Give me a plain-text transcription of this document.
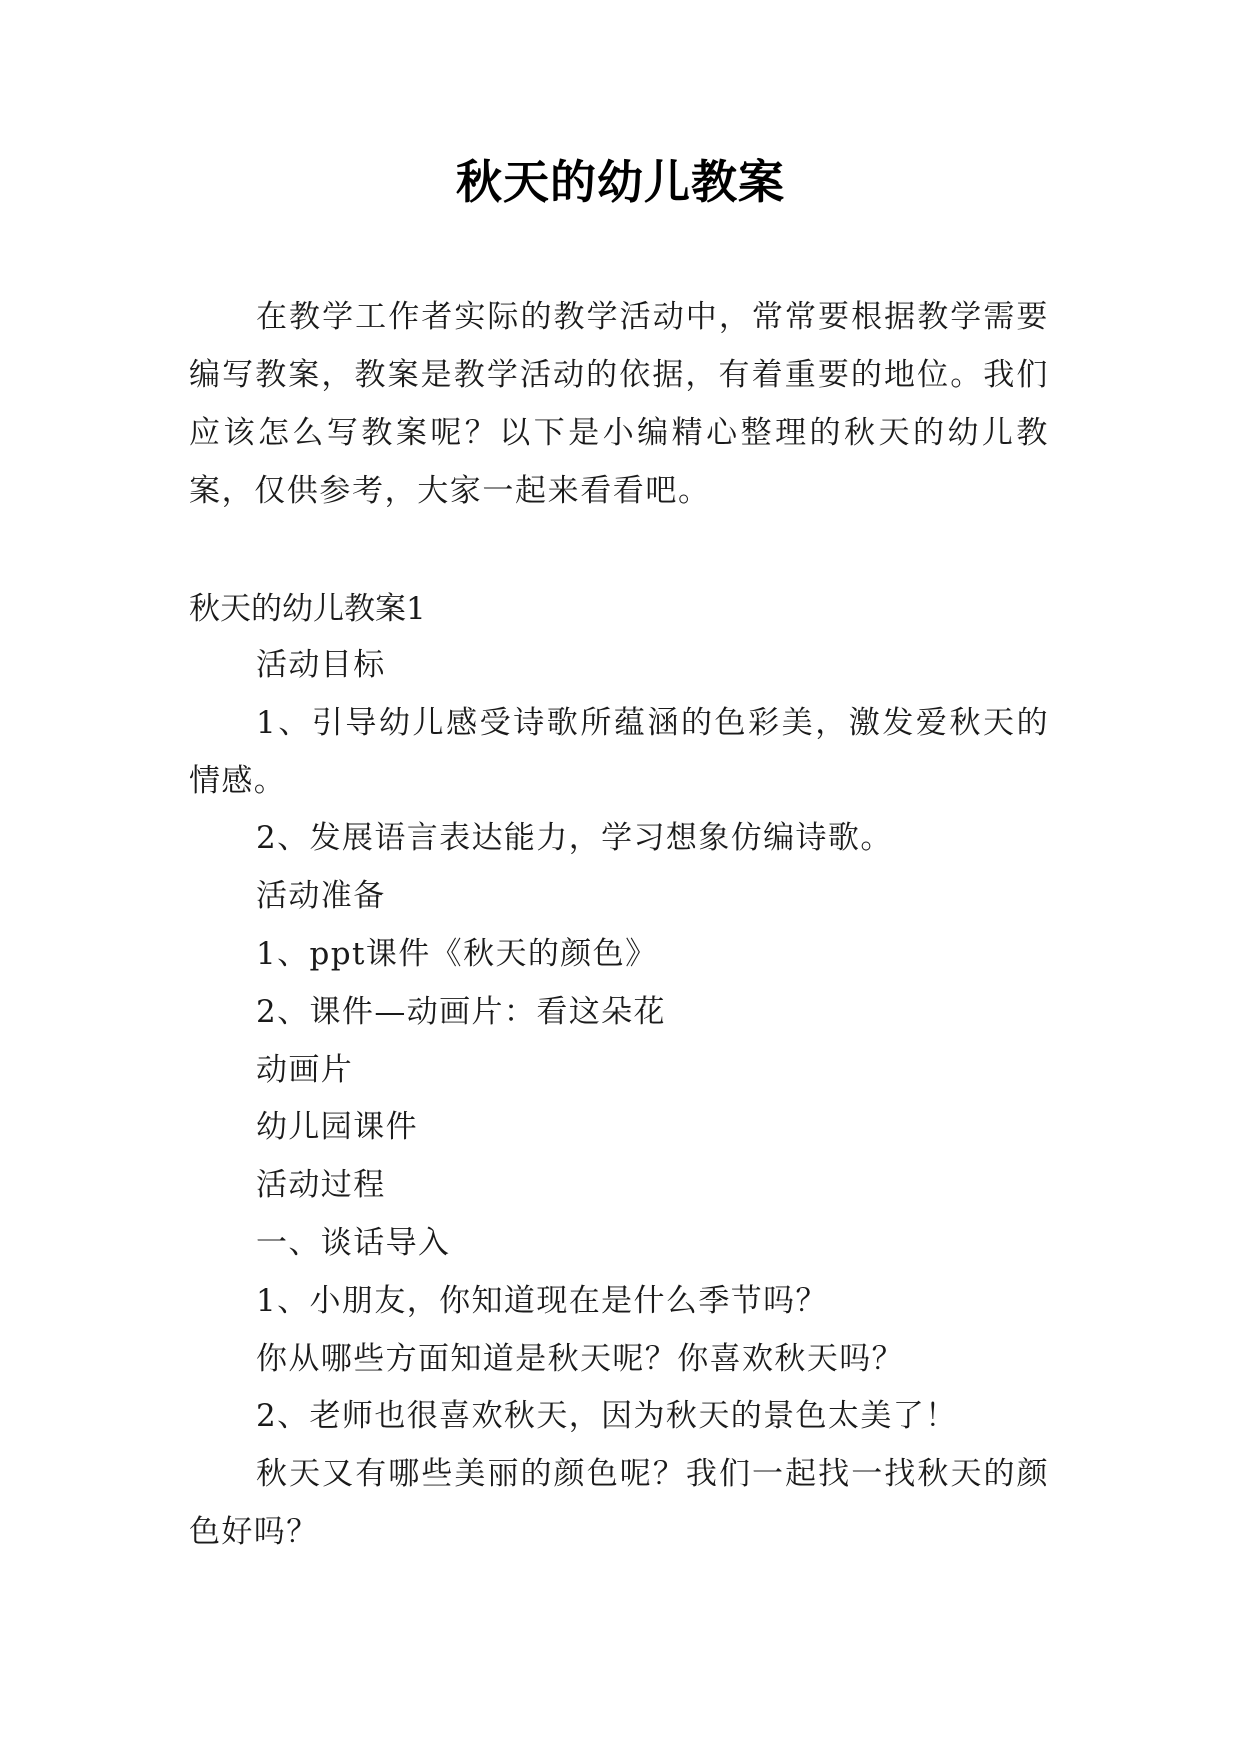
秋天的幼儿教案
在教学工作者实际的教学活动中，常常要根据教学需要编写教案，教案是教学活动的依据，有着重要的地位。我们应该怎么写教案呢？以下是小编精心整理的秋天的幼儿教案，仅供参考，大家一起来看看吧。
秋天的幼儿教案1

活动目标

1、引导幼儿感受诗歌所蕴涵的色彩美，激发爱秋天的情感。

2、发展语言表达能力，学习想象仿编诗歌。

活动准备

1、ppt课件《秋天的颜色》

2、课件—动画片：看这朵花

动画片

幼儿园课件

活动过程

一、谈话导入

1、小朋友，你知道现在是什么季节吗？

你从哪些方面知道是秋天呢？你喜欢秋天吗？

2、老师也很喜欢秋天，因为秋天的景色太美了！

秋天又有哪些美丽的颜色呢？我们一起找一找秋天的颜色好吗？
